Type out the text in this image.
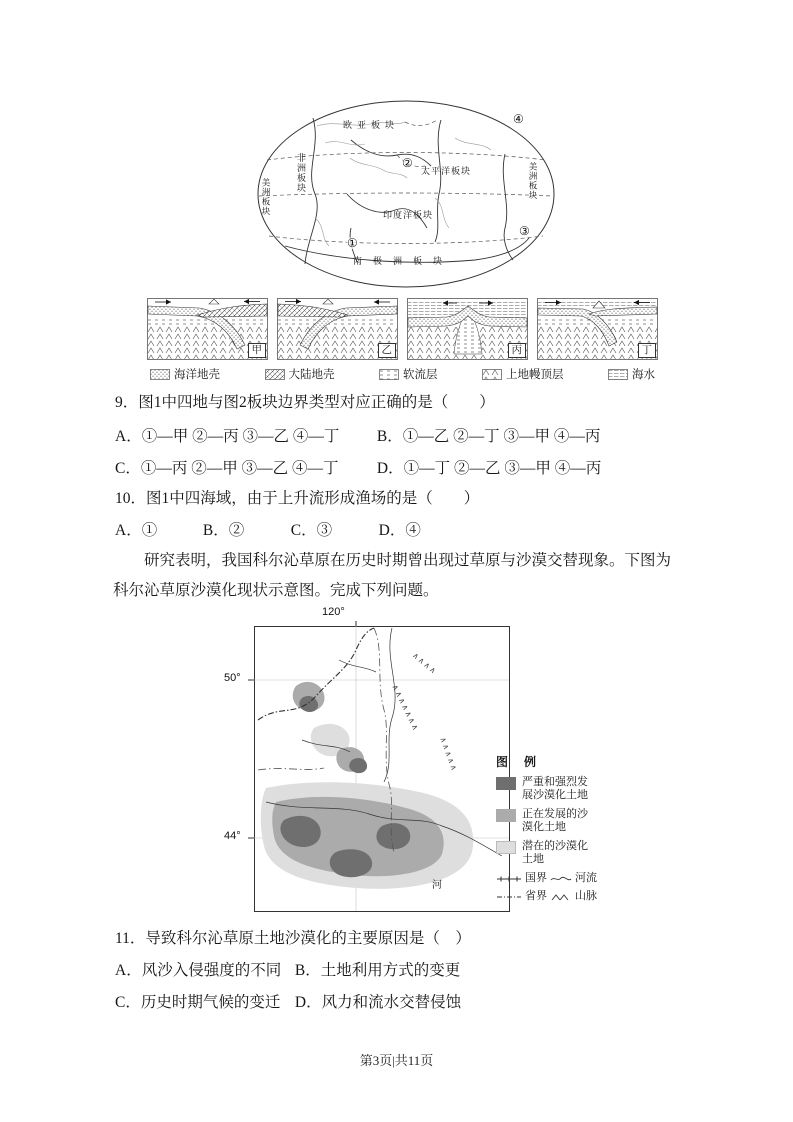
欧亚板块
太平洋板块
非洲板块
印度洋板块
南极洲板块
美洲板块	美洲板块
①
②
③
④
甲	乙	丙	丁
海洋地壳	大陆地壳	软流层	上地幔顶层	海水
9．图1中四地与图2板块边界类型对应正确的是（　　）
A．①—甲 ②—丙 ③—乙 ④—丁 B．①—乙 ②—丁 ③—甲 ④—丙
C．①—丙 ②—甲 ③—乙 ④—丁 D．①—丁 ②—乙 ③—甲 ④—丙
10．图1中四海域，由于上升流形成渔场的是（　　）
A．①	B．②	C．③	D．④
研究表明，我国科尔沁草原在历史时期曾出现过草原与沙漠交替现象。下图为科尔沁草原沙漠化现状示意图。完成下列问题。
∧∧∧∧∧∧∧
∧∧∧∧
∧∧∧∧∧
120°
50°
44°
河
图　例
严重和强烈发展沙漠化土地
正在发展的沙漠化土地
潜在的沙漠化土地
国界	河流
省界	山脉
11．导致科尔沁草原土地沙漠化的主要原因是（　）
A．风沙入侵强度的不同 B．土地利用方式的变更
C．历史时期气候的变迁 D．风力和流水交替侵蚀
第3页|共11页
